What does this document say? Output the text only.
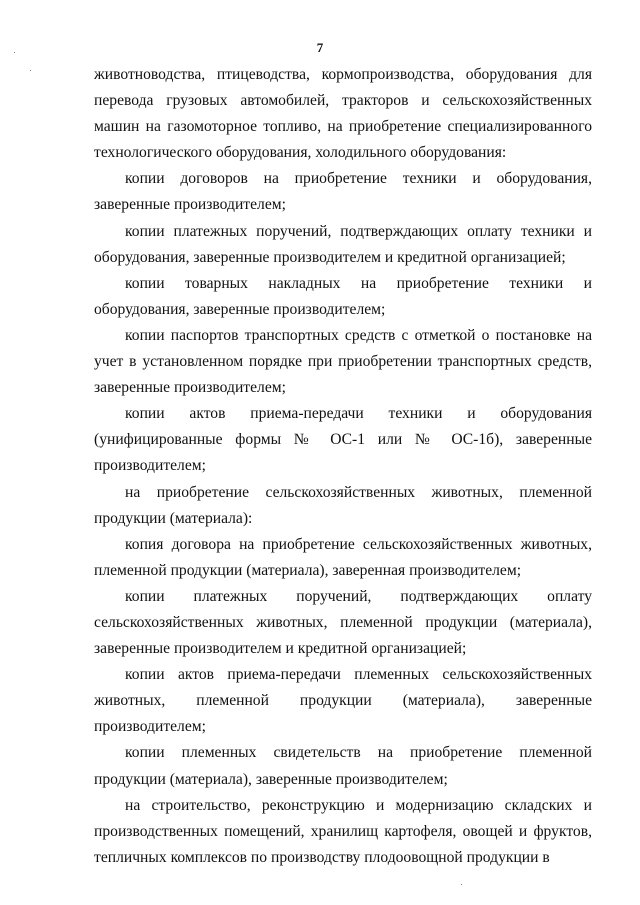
7

животноводства, птицеводства, кормопроизводства, оборудования для перевода грузовых автомобилей, тракторов и сельскохозяйственных машин на газомоторное топливо, на приобретение специализированного технологического оборудования, холодильного оборудования:

копии договоров на приобретение техники и оборудования, заверенные производителем;

копии платежных поручений, подтверждающих оплату техники и оборудования, заверенные производителем и кредитной организацией;

копии товарных накладных на приобретение техники и оборудования, заверенные производителем;

копии паспортов транспортных средств с отметкой о постановке на учет в установленном порядке при приобретении транспортных средств, заверенные производителем;

копии актов приема-передачи техники и оборудования (унифицированные формы № ОС-1 или № ОС-1б), заверенные производителем;

на приобретение сельскохозяйственных животных, племенной продукции (материала):

копия договора на приобретение сельскохозяйственных животных, племенной продукции (материала), заверенная производителем;

копии платежных поручений, подтверждающих оплату сельскохозяйственных животных, племенной продукции (материала), заверенные производителем и кредитной организацией;

копии актов приема-передачи племенных сельскохозяйственных животных, племенной продукции (материала), заверенные производителем;

копии племенных свидетельств на приобретение племенной продукции (материала), заверенные производителем;

на строительство, реконструкцию и модернизацию складских и производственных помещений, хранилищ картофеля, овощей и фруктов, тепличных комплексов по производству плодоовощной продукции в
